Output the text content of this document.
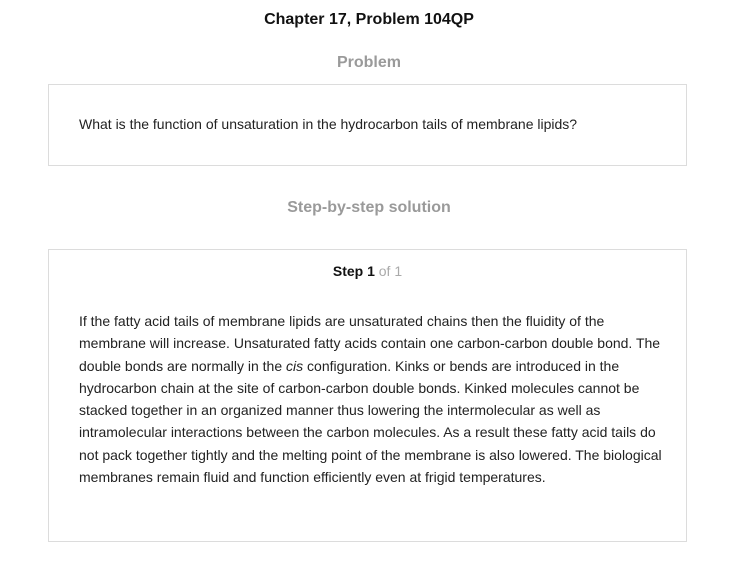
Chapter 17, Problem 104QP
Problem
What is the function of unsaturation in the hydrocarbon tails of membrane lipids?
Step-by-step solution
Step 1 of 1
If the fatty acid tails of membrane lipids are unsaturated chains then the fluidity of the membrane will increase. Unsaturated fatty acids contain one carbon-carbon double bond. The double bonds are normally in the cis configuration. Kinks or bends are introduced in the hydrocarbon chain at the site of carbon-carbon double bonds. Kinked molecules cannot be stacked together in an organized manner thus lowering the intermolecular as well as intramolecular interactions between the carbon molecules. As a result these fatty acid tails do not pack together tightly and the melting point of the membrane is also lowered. The biological membranes remain fluid and function efficiently even at frigid temperatures.
